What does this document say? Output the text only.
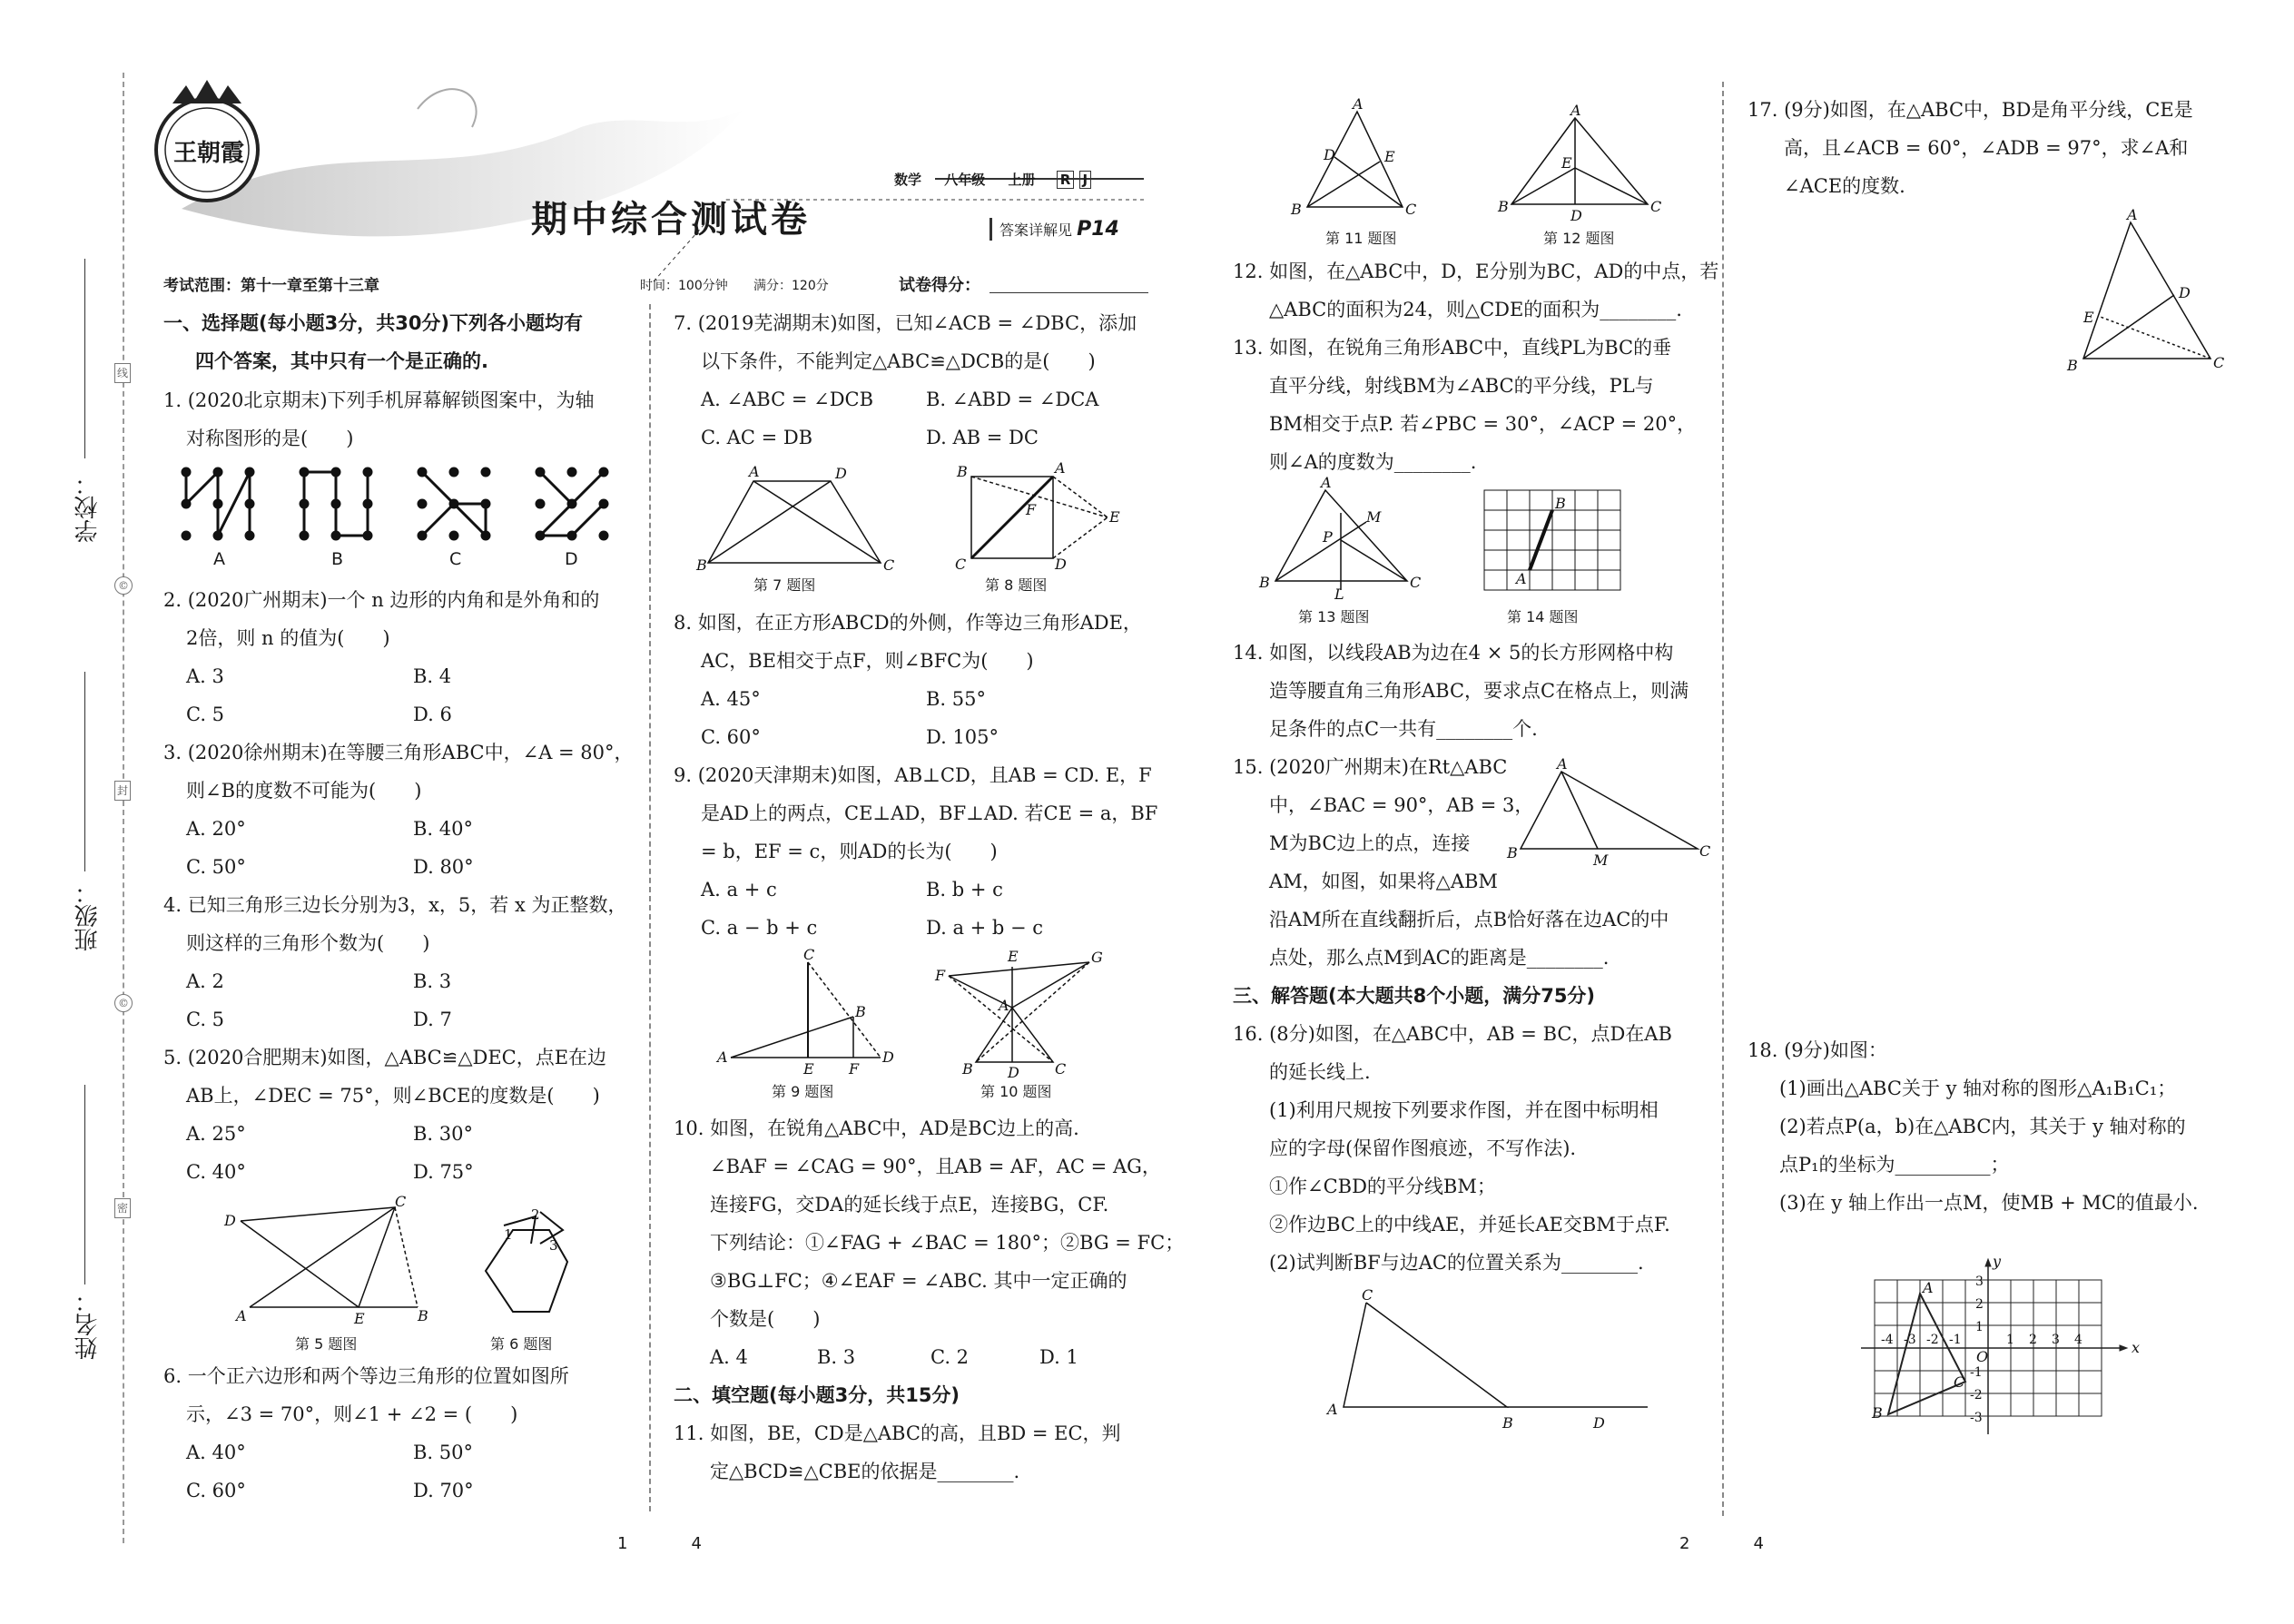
学校：
班级：
姓名：
线
封
密
©
©
王朝霞
期中综合测试卷
数学 八年级 上册 R J
答案详解见 P14
考试范围：第十一章至第十三章	时间：100分钟 满分：120分	试卷得分：
一、选择题(每小题3分，共30分)下列各小题均有
四个答案，其中只有一个是正确的.
1. (2020北京期末)下列手机屏幕解锁图案中，为轴
对称图形的是(　　)
A	B	C	D
2. (2020广州期末)一个 n 边形的内角和是外角和的
2倍，则 n 的值为(　　)
A. 3	B. 4
C. 5	D. 6
3. (2020徐州期末)在等腰三角形ABC中，∠A = 80°，
则∠B的度数不可能为(　　)
A. 20°	B. 40°
C. 50°	D. 80°
4. 已知三角形三边长分别为3，x，5，若 x 为正整数，
则这样的三角形个数为(　　)
A. 2	B. 3
C. 5	D. 7
5. (2020合肥期末)如图，△ABC≌△DEC，点E在边
AB上，∠DEC = 75°，则∠BCE的度数是(　　)
A. 25°	B. 30°
C. 40°	D. 75°
D
C
A	E	B
第 5 题图
2
1
3
第 6 题图
6. 一个正六边形和两个等边三角形的位置如图所
示，∠3 = 70°，则∠1 + ∠2 = (　　)
A. 40°	B. 50°
C. 60°	D. 70°
7. (2019芜湖期末)如图，已知∠ACB = ∠DBC，添加
以下条件，不能判定△ABC≌△DCB的是(　　)
A. ∠ABC = ∠DCB	B. ∠ABD = ∠DCA
C. AC = DB	D. AB = DC
A	D
B	C
第 7 题图
B	A
F	E
C	D
第 8 题图
8. 如图，在正方形ABCD的外侧，作等边三角形ADE，
AC，BE相交于点F，则∠BFC为(　　)
A. 45°	B. 55°
C. 60°	D. 105°
9. (2020天津期末)如图，AB⊥CD，且AB = CD. E，F
是AD上的两点，CE⊥AD，BF⊥AD. 若CE = a，BF
= b，EF = c，则AD的长为(　　)
A. a + c	B. b + c
C. a − b + c	D. a + b − c
C
B
A
E F
D
第 9 题图
E
F
G
A
B D C
第 10 题图
10. 如图，在锐角△ABC中，AD是BC边上的高.
∠BAF = ∠CAG = 90°，且AB = AF，AC = AG，
连接FG，交DA的延长线于点E，连接BG，CF.
下列结论：①∠FAG + ∠BAC = 180°；②BG = FC；
③BG⊥FC；④∠EAF = ∠ABC. 其中一定正确的
个数是(　　)
A. 4	B. 3	C. 2	D. 1
二、填空题(每小题3分，共15分)
11. 如图，BE，CD是△ABC的高，且BD = EC，判
定△BCD≌△CBE的依据是________.
1	4
A
D	E
B	C
第 11 题图
A
E
B
D
C
第 12 题图
12. 如图，在△ABC中，D，E分别为BC，AD的中点，若
△ABC的面积为24，则△CDE的面积为________.
13. 如图，在锐角三角形ABC中，直线PL为BC的垂
直平分线，射线BM为∠ABC的平分线，PL与
BM相交于点P. 若∠PBC = 30°，∠ACP = 20°，
则∠A的度数为________.
A
M
P
B	C
L
第 13 题图
A
B
第 14 题图
14. 如图，以线段AB为边在4 × 5的长方形网格中构
造等腰直角三角形ABC，要求点C在格点上，则满
足条件的点C一共有________个.
15. (2020广州期末)在Rt△ABC
中，∠BAC = 90°，AB = 3，
M为BC边上的点，连接
AM，如图，如果将△ABM
沿AM所在直线翻折后，点B恰好落在边AC的中
点处，那么点M到AC的距离是________.
A
B	M
C
三、解答题(本大题共8个小题，满分75分)
16. (8分)如图，在△ABC中，AB = BC，点D在AB
的延长线上.
(1)利用尺规按下列要求作图，并在图中标明相
应的字母(保留作图痕迹，不写作法).
①作∠CBD的平分线BM；
②作边BC上的中线AE，并延长AE交BM于点F.
(2)试判断BF与边AC的位置关系为________.
C
A
B	D
17. (9分)如图，在△ABC中，BD是角平分线，CE是
高，且∠ACB = 60°，∠ADB = 97°，求∠A和
∠ACE的度数.
A
D
E
B	C
18. (9分)如图：
(1)画出△ABC关于 y 轴对称的图形△A₁B₁C₁；
(2)若点P(a，b)在△ABC内，其关于 y 轴对称的
点P₁的坐标为__________；
(3)在 y 轴上作出一点M，使MB + MC的值最小.
x
y
O
-4 -3 -2 -1	1 2 3 4
3
2
1
-1
-2
-3
A
B
C
2	4
